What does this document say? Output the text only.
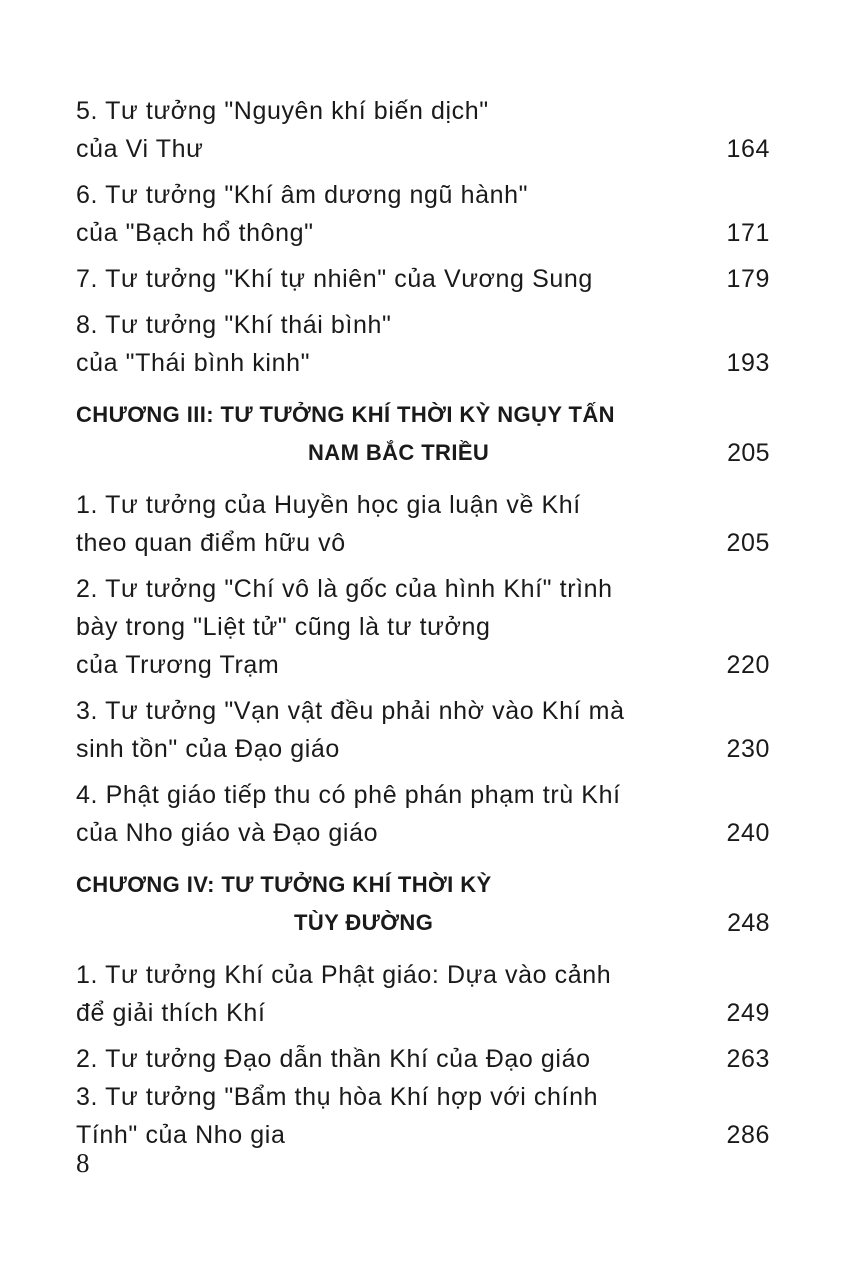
5. Tư tưởng "Nguyên khí biến dịch"
của Vi Thư	164
6. Tư tưởng "Khí âm dương ngũ hành"
của "Bạch hổ thông"	171
7. Tư tưởng "Khí tự nhiên" của Vương Sung	179
8. Tư tưởng "Khí thái bình"
của "Thái bình kinh"	193
CHƯƠNG III: TƯ TƯỞNG KHÍ THỜI KỲ NGỤY TẤN
NAM BẮC TRIỀU	205
1. Tư tưởng của Huyền học gia luận về Khí
theo quan điểm hữu vô	205
2. Tư tưởng "Chí vô là gốc của hình Khí" trình
bày trong "Liệt tử" cũng là tư tưởng
của Trương Trạm	220
3. Tư tưởng "Vạn vật đều phải nhờ vào Khí mà
sinh tồn" của Đạo giáo	230
4. Phật giáo tiếp thu có phê phán phạm trù Khí
của Nho giáo và Đạo giáo	240
CHƯƠNG IV: TƯ TƯỞNG KHÍ THỜI KỲ
TÙY ĐƯỜNG	248
1. Tư tưởng Khí của Phật giáo: Dựa vào cảnh
để giải thích Khí	249
2. Tư tưởng Đạo dẫn thần Khí của Đạo giáo	263
3. Tư tưởng "Bẩm thụ hòa Khí hợp với chính
Tính" của Nho gia	286
8
